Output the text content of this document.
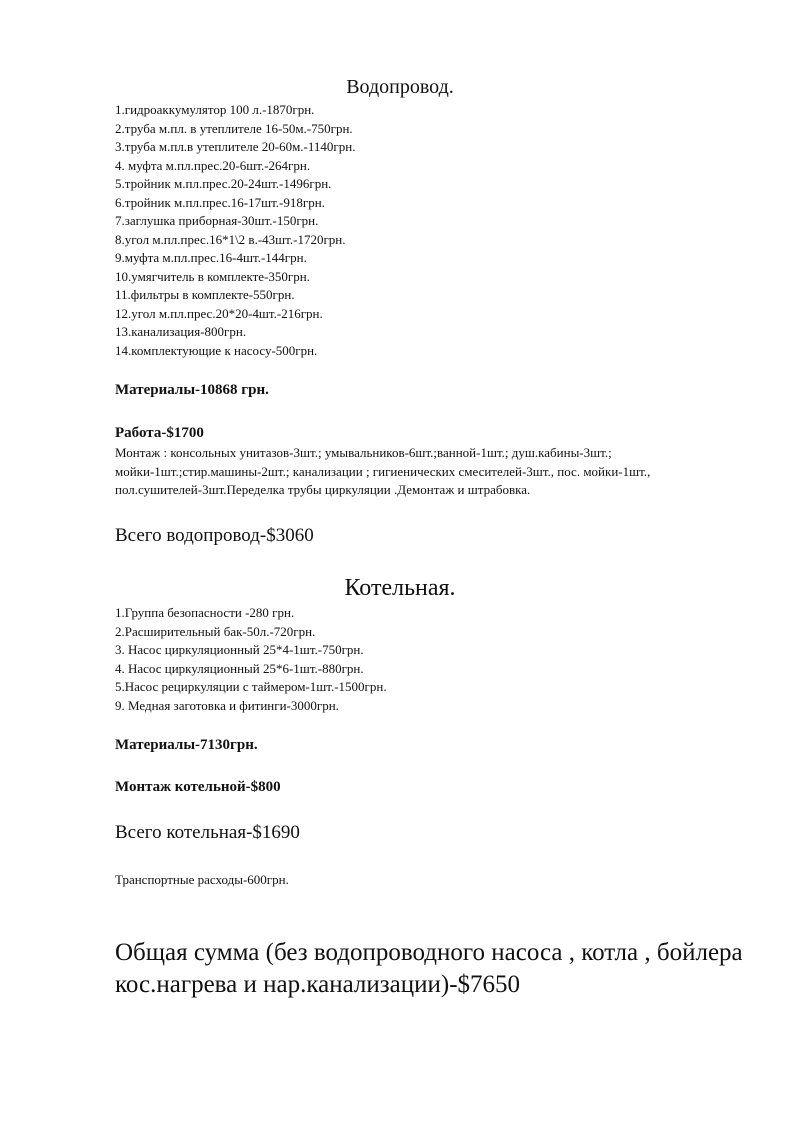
Водопровод.
1.гидроаккумулятор 100 л.-1870грн.
2.труба м.пл. в утеплителе 16-50м.-750грн.
3.труба м.пл.в утеплителе 20-60м.-1140грн.
4. муфта м.пл.прес.20-6шт.-264грн.
5.тройник м.пл.прес.20-24шт.-1496грн.
6.тройник м.пл.прес.16-17шт.-918грн.
7.заглушка приборная-30шт.-150грн.
8.угол м.пл.прес.16*1\2 в.-43шт.-1720грн.
9.муфта м.пл.прес.16-4шт.-144грн.
10.умягчитель в комплекте-350грн.
11.фильтры в комплекте-550грн.
12.угол м.пл.прес.20*20-4шт.-216грн.
13.канализация-800грн.
14.комплектующие к насосу-500грн.
Материалы-10868 грн.
Работа-$1700
Монтаж : консольных унитазов-3шт.; умывальников-6шт.;ванной-1шт.; душ.кабины-3шт.; мойки-1шт.;стир.машины-2шт.; канализации ; гигиенических смесителей-3шт., пос. мойки-1шт., пол.сушителей-3шт.Переделка трубы циркуляции .Демонтаж и штрабовка.
Всего водопровод-$3060
Котельная.
1.Группа безопасности -280 грн.
2.Расширительный бак-50л.-720грн.
3. Насос циркуляционный 25*4-1шт.-750грн.
4. Насос циркуляционный 25*6-1шт.-880грн.
5.Насос рециркуляции с таймером-1шт.-1500грн.
9. Медная заготовка и фитинги-3000грн.
Материалы-7130грн.
Монтаж котельной-$800
Всего котельная-$1690
Транспортные расходы-600грн.
Общая сумма (без водопроводного насоса , котла , бойлера кос.нагрева и нар.канализации)-$7650
